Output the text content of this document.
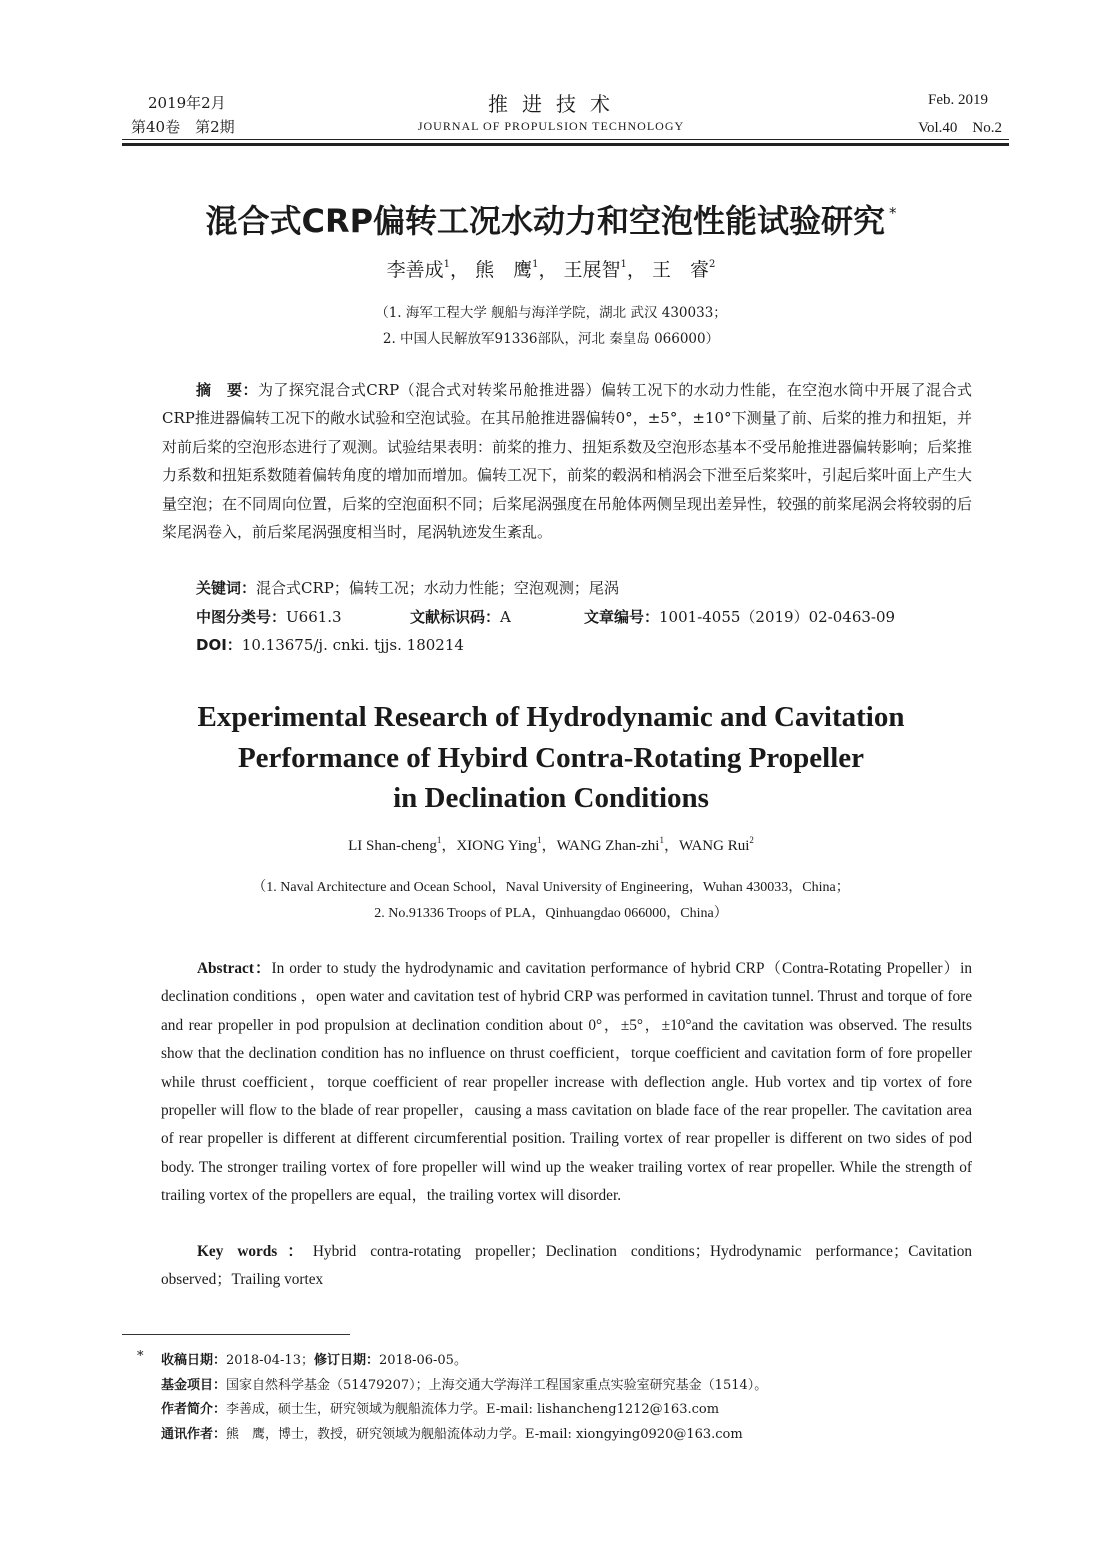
2019年2月
第40卷　第2期
推进技术
JOURNAL OF PROPULSION TECHNOLOGY
Feb. 2019
Vol.40　No.2
混合式CRP偏转工况水动力和空泡性能试验研究 *
李善成$^1$， 熊　鹰$^1$， 王展智$^1$， 王　睿$^2$
（1. 海军工程大学 舰船与海洋学院，湖北 武汉 430033；
2. 中国人民解放军91336部队，河北 秦皇岛 066000）
摘　要：为了探究混合式CRP（混合式对转桨吊舱推进器）偏转工况下的水动力性能，在空泡水筒中开展了混合式CRP推进器偏转工况下的敞水试验和空泡试验。在其吊舱推进器偏转0°，±5°，±10°下测量了前、后桨的推力和扭矩，并对前后桨的空泡形态进行了观测。试验结果表明：前桨的推力、扭矩系数及空泡形态基本不受吊舱推进器偏转影响；后桨推力系数和扭矩系数随着偏转角度的增加而增加。偏转工况下，前桨的毂涡和梢涡会下泄至后桨桨叶，引起后桨叶面上产生大量空泡；在不同周向位置，后桨的空泡面积不同；后桨尾涡强度在吊舱体两侧呈现出差异性，较强的前桨尾涡会将较弱的后桨尾涡卷入，前后桨尾涡强度相当时，尾涡轨迹发生紊乱。
关键词：混合式CRP；偏转工况；水动力性能；空泡观测；尾涡
中图分类号：U661.3	文献标识码：A	文章编号：1001-4055（2019）02-0463-09
DOI：10.13675/j. cnki. tjjs. 180214
Experimental Research of Hydrodynamic and Cavitation
Performance of Hybird Contra-Rotating Propeller
in Declination Conditions
LI Shan-cheng$^1$，XIONG Ying$^1$，WANG Zhan-zhi$^1$，WANG Rui$^2$
（1. Naval Architecture and Ocean School，Naval University of Engineering，Wuhan 430033，China；
2. No.91336 Troops of PLA，Qinhuangdao 066000，China）
Abstract：In order to study the hydrodynamic and cavitation performance of hybrid CRP（Contra-Rotating Propeller）in declination conditions ，open water and cavitation test of hybrid CRP was performed in cavitation tunnel. Thrust and torque of fore and rear propeller in pod propulsion at declination condition about 0°，±5°，±10°and the cavitation was observed. The results show that the declination condition has no influence on thrust coefficient，torque coefficient and cavitation form of fore propeller while thrust coefficient，torque coefficient of rear propeller increase with deflection angle. Hub vortex and tip vortex of fore propeller will flow to the blade of rear propeller，causing a mass cavitation on blade face of the rear propeller. The cavitation area of rear propeller is different at different circumferential position. Trailing vortex of rear propeller is different on two sides of pod body. The stronger trailing vortex of fore propeller will wind up the weaker trailing vortex of rear propeller. While the strength of trailing vortex of the propellers are equal，the trailing vortex will disorder.
Key words：Hybrid contra-rotating propeller；Declination conditions；Hydrodynamic performance；Cavitation observed；Trailing vortex
* 收稿日期：2018-04-13；修订日期：2018-06-05。
基金项目：国家自然科学基金（51479207）；上海交通大学海洋工程国家重点实验室研究基金（1514）。
作者简介：李善成，硕士生，研究领域为舰船流体力学。E-mail: lishancheng1212@163.com
通讯作者：熊　鹰，博士，教授，研究领域为舰船流体动力学。E-mail: xiongying0920@163.com
